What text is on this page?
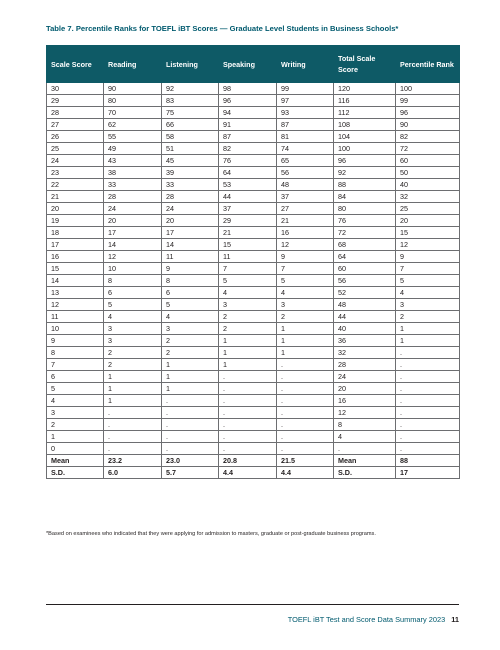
Table 7. Percentile Ranks for TOEFL iBT Scores — Graduate Level Students in Business Schools*
Scale Score	Reading	Listening	Speaking	Writing	Total Scale Score	Percentile Rank
30	90	92	98	99	120	100
29	80	83	96	97	116	99
28	70	75	94	93	112	96
27	62	66	91	87	108	90
26	55	58	87	81	104	82
25	49	51	82	74	100	72
24	43	45	76	65	96	60
23	38	39	64	56	92	50
22	33	33	53	48	88	40
21	28	28	44	37	84	32
20	24	24	37	27	80	25
19	20	20	29	21	76	20
18	17	17	21	16	72	15
17	14	14	15	12	68	12
16	12	11	11	9	64	9
15	10	9	7	7	60	7
14	8	8	5	5	56	5
13	6	6	4	4	52	4
12	5	5	3	3	48	3
11	4	4	2	2	44	2
10	3	3	2	1	40	1
9	3	2	1	1	36	1
8	2	2	1	1	32	.
7	2	1	1	.	28	.
6	1	1	.	.	24	.
5	1	1	.	.	20	.
4	1	.	.	.	16	.
3	.	.	.	.	12	.
2	.	.	.	.	8	.
1	.	.	.	.	4	.
0	.	.	.	.	.	.
Mean	23.2	23.0	20.8	21.5	Mean	88
S.D.	6.0	5.7	4.4	4.4	S.D.	17
*Based on examinees who indicated that they were applying for admission to masters, graduate or post-graduate business programs.
TOEFL iBT Test and Score Data Summary 2023 11
